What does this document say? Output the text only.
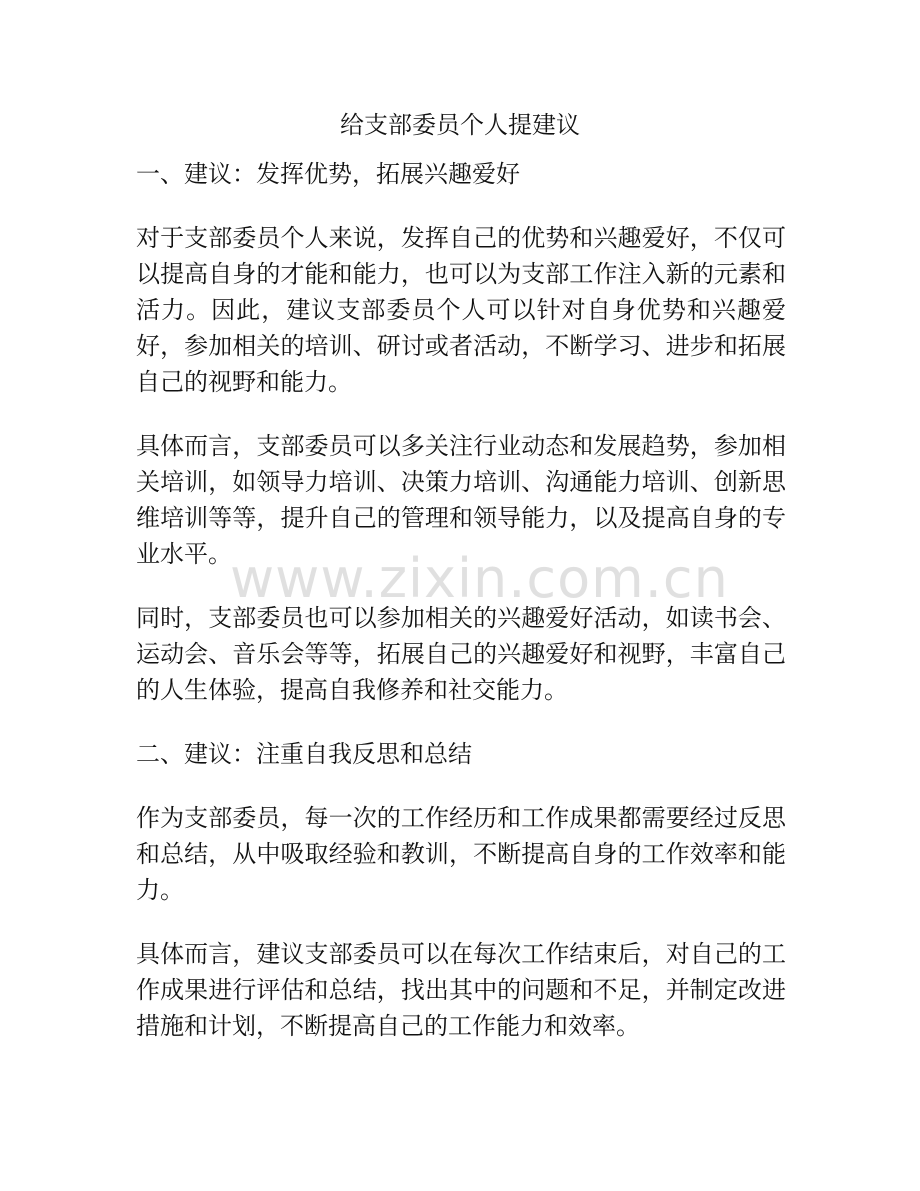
给支部委员个人提建议

一、建议：发挥优势，拓展兴趣爱好

对于支部委员个人来说，发挥自己的优势和兴趣爱好，不仅可以提高自身的才能和能力，也可以为支部工作注入新的元素和活力。因此，建议支部委员个人可以针对自身优势和兴趣爱好，参加相关的培训、研讨或者活动，不断学习、进步和拓展自己的视野和能力。

具体而言，支部委员可以多关注行业动态和发展趋势，参加相关培训，如领导力培训、决策力培训、沟通能力培训、创新思维培训等等，提升自己的管理和领导能力，以及提高自身的专业水平。

同时，支部委员也可以参加相关的兴趣爱好活动，如读书会、运动会、音乐会等等，拓展自己的兴趣爱好和视野，丰富自己的人生体验，提高自我修养和社交能力。

二、建议：注重自我反思和总结

作为支部委员，每一次的工作经历和工作成果都需要经过反思和总结，从中吸取经验和教训，不断提高自身的工作效率和能力。

具体而言，建议支部委员可以在每次工作结束后，对自己的工作成果进行评估和总结，找出其中的问题和不足，并制定改进措施和计划，不断提高自己的工作能力和效率。

www.zixin.com.cn
